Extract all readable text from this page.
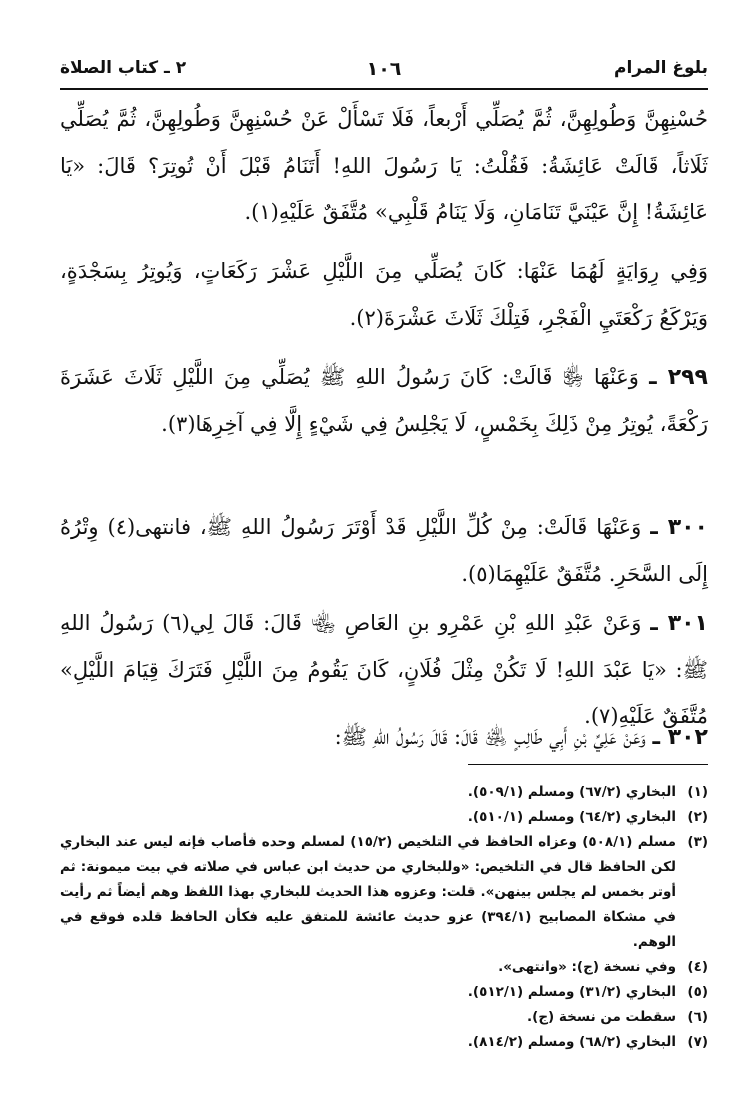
بلوغ المرام
١٠٦
٢ ـ كتاب الصلاة

حُسْنِهِنَّ وَطُولِهِنَّ، ثُمَّ يُصَلِّي أَرْبعاً، فَلَا تَسْأَلْ عَنْ حُسْنِهِنَّ وَطُولِهِنَّ، ثُمَّ يُصَلِّي ثَلَاثاً، قَالَتْ عَائِشَةُ: فَقُلْتُ: يَا رَسُولَ اللهِ! أَتَنَامُ قَبْلَ أَنْ تُوتِرَ؟ قَالَ: «يَا عَائِشَةُ! إِنَّ عَيْنَيَّ تَنَامَانِ، وَلَا يَنَامُ قَلْبِي» مُتَّفَقٌ عَلَيْهِ(١).

وَفِي رِوَايَةٍ لَهُمَا عَنْهَا: كَانَ يُصَلِّي مِنَ اللَّيْلِ عَشْرَ رَكَعَاتٍ، وَيُوتِرُ بِسَجْدَةٍ، وَيَرْكَعُ رَكْعَتَيِ الْفَجْرِ، فَتِلْكَ ثَلَاثَ عَشْرَةَ(٢).

٢٩٩ ـ وَعَنْهَا ﵂ قَالَتْ: كَانَ رَسُولُ اللهِ ﷺ يُصَلِّي مِنَ اللَّيْلِ ثَلَاثَ عَشَرَةَ رَكْعَةً، يُوتِرُ مِنْ ذَلِكَ بِخَمْسٍ، لَا يَجْلِسُ فِي شَيْءٍ إِلَّا فِي آخِرِهَا(٣).

٣٠٠ ـ وَعَنْهَا قَالَتْ: مِنْ كُلِّ اللَّيْلِ قَدْ أَوْتَرَ رَسُولُ اللهِ ﷺ، فانتهى(٤) وِتْرُهُ إِلَى السَّحَرِ. مُتَّفَقٌ عَلَيْهِمَا(٥).

٣٠١ ـ وَعَنْ عَبْدِ اللهِ بْنِ عَمْرِو بنِ العَاصِ ﵄ قَالَ: قَالَ لِي(٦) رَسُولُ اللهِ ﷺ: «يَا عَبْدَ اللهِ! لَا تَكُنْ مِثْلَ فُلَانٍ، كَانَ يَقُومُ مِنَ اللَّيْلِ فَتَرَكَ قِيَامَ اللَّيْلِ» مُتَّفَقٌ عَلَيْهِ(٧).

٣٠٢ ـ وَعَنْ عَلِيِّ بْنِ أَبِي طَالِبٍ ﵁ قَالَ: قَالَ رَسُولُ اللهِ ﷺ:

(١)
البخاري (٦٧/٢) ومسلم (٥٠٩/١).
(٢)
البخاري (٦٤/٢) ومسلم (٥١٠/١).
(٣)
مسلم (٥٠٨/١) وعزاه الحافظ في التلخيص (١٥/٢) لمسلم وحده فأصاب فإنه ليس عند البخاري لكن الحافظ قال في التلخيص: «وللبخاري من حديث ابن عباس في صلاته في بيت ميمونة: ثم أوتر بخمس لم يجلس بينهن». قلت: وعزوه هذا الحديث للبخاري بهذا اللفظ وهم أيضاً ثم رأيت في مشكاة المصابيح (٣٩٤/١) عزو حديث عائشة للمتفق عليه فكأن الحافظ قلده فوقع في الوهم.
(٤)
وفي نسخة (ج): «وانتهى».
(٥)
البخاري (٣١/٢) ومسلم (٥١٢/١).
(٦)
سقطت من نسخة (ج).
(٧)
البخاري (٦٨/٢) ومسلم (٨١٤/٢).
